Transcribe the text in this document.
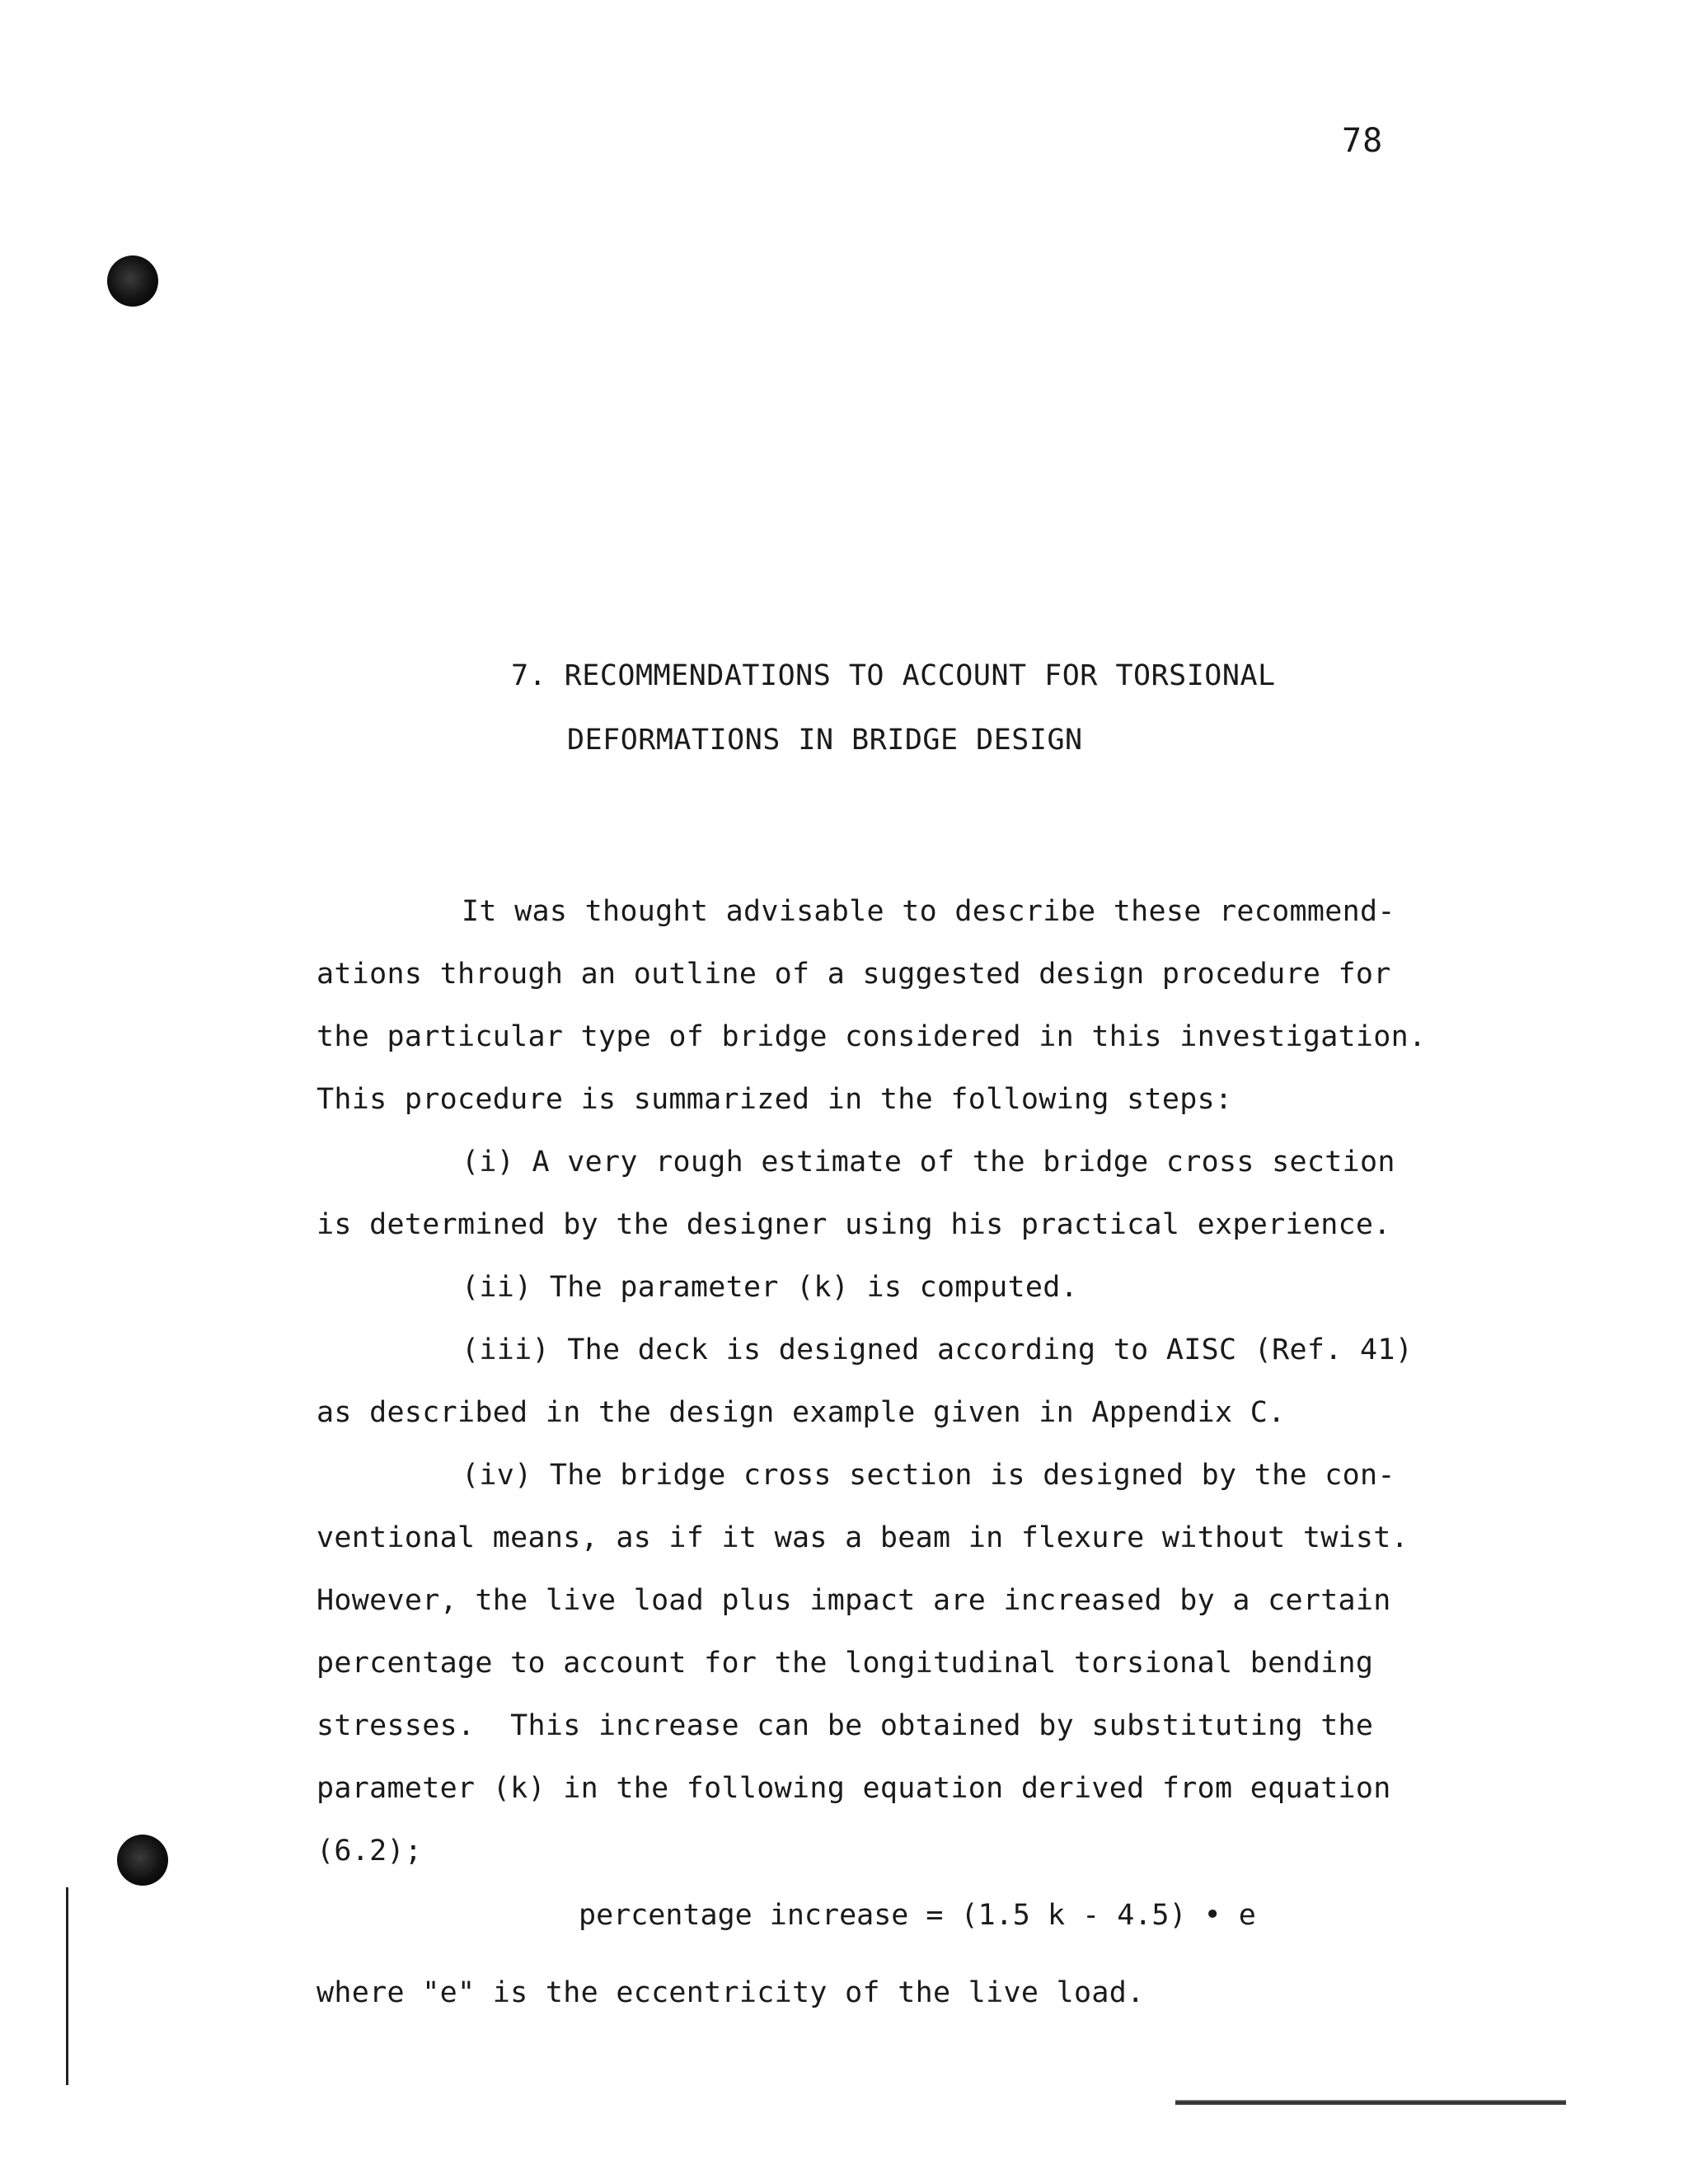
78
7. RECOMMENDATIONS TO ACCOUNT FOR TORSIONAL
DEFORMATIONS IN BRIDGE DESIGN
It was thought advisable to describe these recommend-
ations through an outline of a suggested design procedure for
the particular type of bridge considered in this investigation.
This procedure is summarized in the following steps:
(i) A very rough estimate of the bridge cross section
is determined by the designer using his practical experience.
(ii) The parameter (k) is computed.
(iii) The deck is designed according to AISC (Ref. 41)
as described in the design example given in Appendix C.
(iv) The bridge cross section is designed by the con-
ventional means, as if it was a beam in flexure without twist.
However, the live load plus impact are increased by a certain
percentage to account for the longitudinal torsional bending
stresses.  This increase can be obtained by substituting the
parameter (k) in the following equation derived from equation
(6.2);
percentage increase = (1.5 k - 4.5) • e
where "e" is the eccentricity of the live load.
